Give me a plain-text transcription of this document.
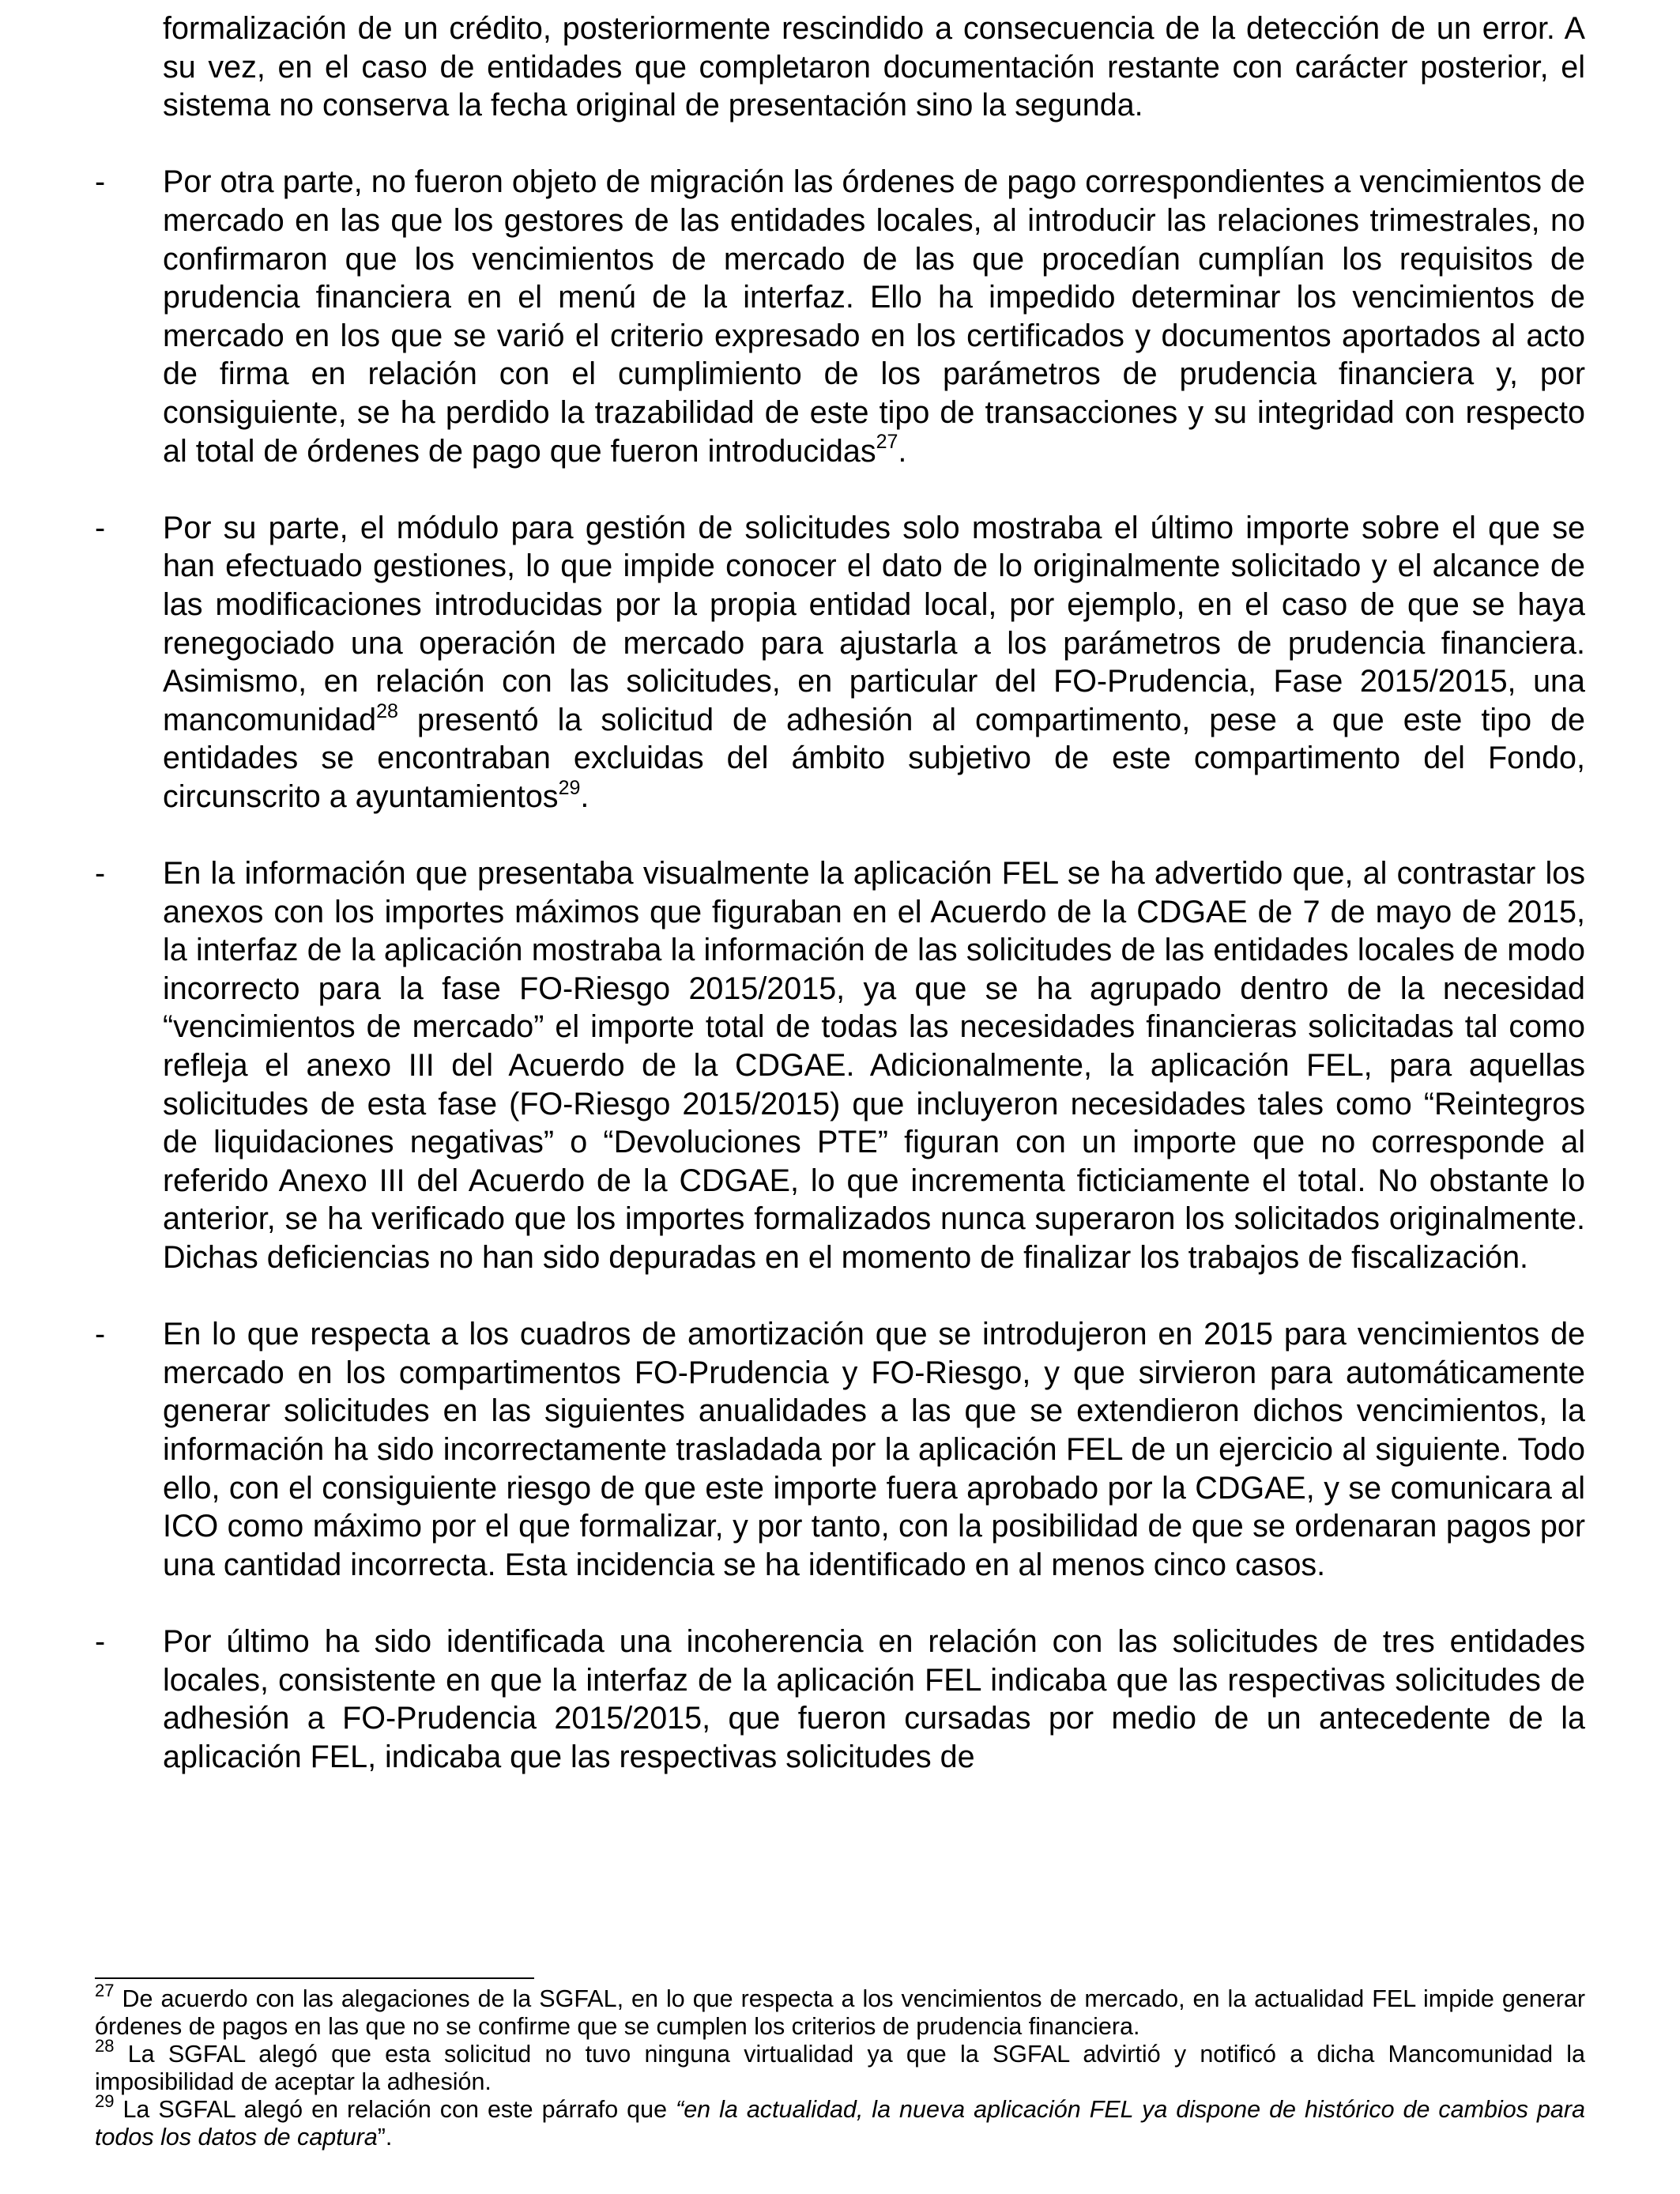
formalización de un crédito, posteriormente rescindido a consecuencia de la detección de un error. A su vez, en el caso de entidades que completaron documentación restante con carácter posterior, el sistema no conserva la fecha original de presentación sino la segunda.

- Por otra parte, no fueron objeto de migración las órdenes de pago correspondientes a vencimientos de mercado en las que los gestores de las entidades locales, al introducir las relaciones trimestrales, no confirmaron que los vencimientos de mercado de las que procedían cumplían los requisitos de prudencia financiera en el menú de la interfaz. Ello ha impedido determinar los vencimientos de mercado en los que se varió el criterio expresado en los certificados y documentos aportados al acto de firma en relación con el cumplimiento de los parámetros de prudencia financiera y, por consiguiente, se ha perdido la trazabilidad de este tipo de transacciones y su integridad con respecto al total de órdenes de pago que fueron introducidas$^{27}$.
- Por su parte, el módulo para gestión de solicitudes solo mostraba el último importe sobre el que se han efectuado gestiones, lo que impide conocer el dato de lo originalmente solicitado y el alcance de las modificaciones introducidas por la propia entidad local, por ejemplo, en el caso de que se haya renegociado una operación de mercado para ajustarla a los parámetros de prudencia financiera. Asimismo, en relación con las solicitudes, en particular del FO-Prudencia, Fase 2015/2015, una mancomunidad$^{28}$ presentó la solicitud de adhesión al compartimento, pese a que este tipo de entidades se encontraban excluidas del ámbito subjetivo de este compartimento del Fondo, circunscrito a ayuntamientos$^{29}$.
- En la información que presentaba visualmente la aplicación FEL se ha advertido que, al contrastar los anexos con los importes máximos que figuraban en el Acuerdo de la CDGAE de 7 de mayo de 2015, la interfaz de la aplicación mostraba la información de las solicitudes de las entidades locales de modo incorrecto para la fase FO-Riesgo 2015/2015, ya que se ha agrupado dentro de la necesidad “vencimientos de mercado” el importe total de todas las necesidades financieras solicitadas tal como refleja el anexo III del Acuerdo de la CDGAE. Adicionalmente, la aplicación FEL, para aquellas solicitudes de esta fase (FO-Riesgo 2015/2015) que incluyeron necesidades tales como “Reintegros de liquidaciones negativas” o “Devoluciones PTE” figuran con un importe que no corresponde al referido Anexo III del Acuerdo de la CDGAE, lo que incrementa ficticiamente el total. No obstante lo anterior, se ha verificado que los importes formalizados nunca superaron los solicitados originalmente. Dichas deficiencias no han sido depuradas en el momento de finalizar los trabajos de fiscalización.
- En lo que respecta a los cuadros de amortización que se introdujeron en 2015 para vencimientos de mercado en los compartimentos FO-Prudencia y FO-Riesgo, y que sirvieron para automáticamente generar solicitudes en las siguientes anualidades a las que se extendieron dichos vencimientos, la información ha sido incorrectamente trasladada por la aplicación FEL de un ejercicio al siguiente. Todo ello, con el consiguiente riesgo de que este importe fuera aprobado por la CDGAE, y se comunicara al ICO como máximo por el que formalizar, y por tanto, con la posibilidad de que se ordenaran pagos por una cantidad incorrecta. Esta incidencia se ha identificado en al menos cinco casos.
- Por último ha sido identificada una incoherencia en relación con las solicitudes de tres entidades locales, consistente en que la interfaz de la aplicación FEL indicaba que las respectivas solicitudes de adhesión a FO-Prudencia 2015/2015, que fueron cursadas por medio de un antecedente de la aplicación FEL, indicaba que las respectivas solicitudes de

$^{27}$ De acuerdo con las alegaciones de la SGFAL, en lo que respecta a los vencimientos de mercado, en la actualidad FEL impide generar órdenes de pagos en las que no se confirme que se cumplen los criterios de prudencia financiera.

$^{28}$ La SGFAL alegó que esta solicitud no tuvo ninguna virtualidad ya que la SGFAL advirtió y notificó a dicha Mancomunidad la imposibilidad de aceptar la adhesión.

$^{29}$ La SGFAL alegó en relación con este párrafo que “en la actualidad, la nueva aplicación FEL ya dispone de histórico de cambios para todos los datos de captura”.
